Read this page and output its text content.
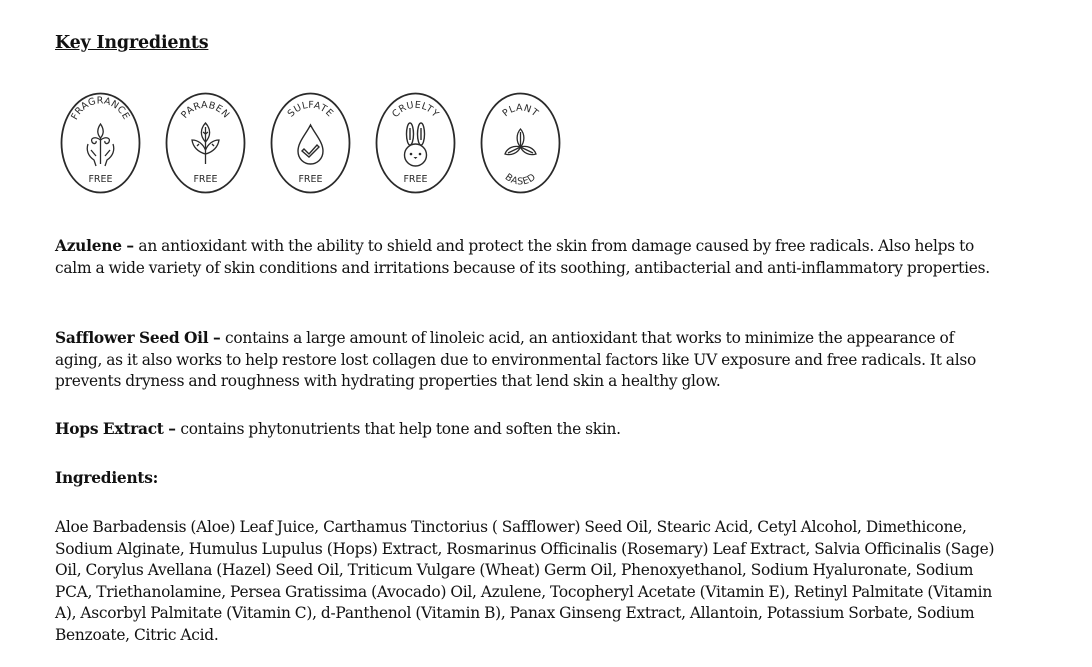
Key Ingredients
FRAGRANCE
FREE
PARABEN
FREE
SULFATE
FREE
CRUELTY
FREE
PLANT
BASED
Azulene – an antioxidant with the ability to shield and protect the skin from damage caused by free radicals. Also helps to calm a wide variety of skin conditions and irritations because of its soothing, antibacterial and anti-inflammatory properties.
Safflower Seed Oil – contains a large amount of linoleic acid, an antioxidant that works to minimize the appearance of aging, as it also works to help restore lost collagen due to environmental factors like UV exposure and free radicals. It also prevents dryness and roughness with hydrating properties that lend skin a healthy glow.
Hops Extract – contains phytonutrients that help tone and soften the skin.
Ingredients:
Aloe Barbadensis (Aloe) Leaf Juice, Carthamus Tinctorius ( Safflower) Seed Oil, Stearic Acid, Cetyl Alcohol, Dimethicone, Sodium Alginate, Humulus Lupulus (Hops) Extract, Rosmarinus Officinalis (Rosemary) Leaf Extract, Salvia Officinalis (Sage) Oil, Corylus Avellana (Hazel) Seed Oil, Triticum Vulgare (Wheat) Germ Oil, Phenoxyethanol, Sodium Hyaluronate, Sodium PCA, Triethanolamine, Persea Gratissima (Avocado) Oil, Azulene, Tocopheryl Acetate (Vitamin E), Retinyl Palmitate (Vitamin A), Ascorbyl Palmitate (Vitamin C), d-Panthenol (Vitamin B), Panax Ginseng Extract, Allantoin, Potassium Sorbate, Sodium Benzoate, Citric Acid.
